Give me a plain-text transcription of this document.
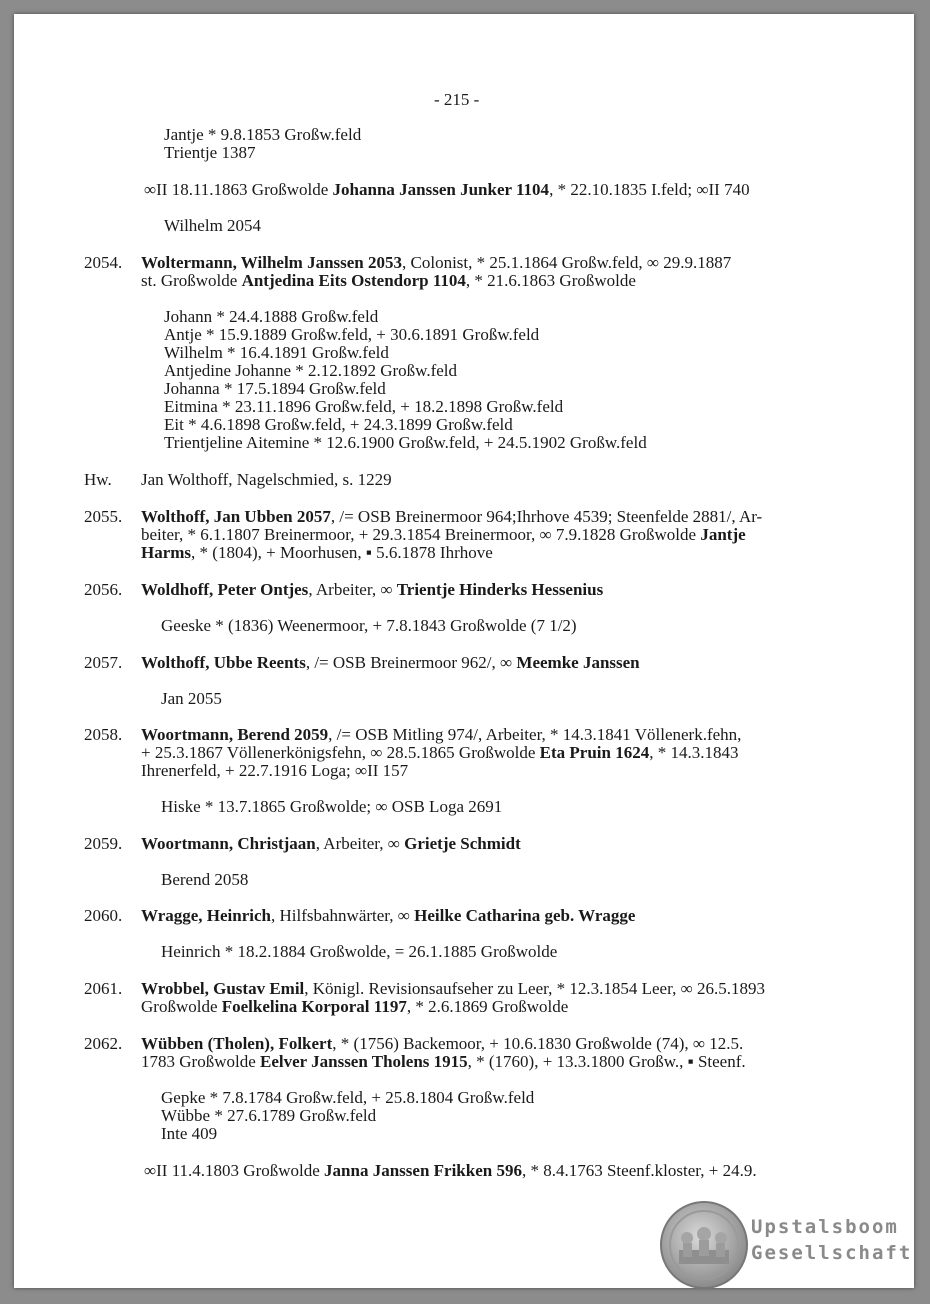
- 215 -
Jantje * 9.8.1853 Großw.feld
Trientje 1387
∞II 18.11.1863 Großwolde Johanna Janssen Junker 1104, * 22.10.1835 I.feld; ∞II 740
Wilhelm 2054
2054. Woltermann, Wilhelm Janssen 2053, Colonist, * 25.1.1864 Großw.feld, ∞ 29.9.1887
st. Großwolde Antjedina Eits Ostendorp 1104, * 21.6.1863 Großwolde
Johann * 24.4.1888 Großw.feld
Antje * 15.9.1889 Großw.feld, + 30.6.1891 Großw.feld
Wilhelm * 16.4.1891 Großw.feld
Antjedine Johanne * 2.12.1892 Großw.feld
Johanna * 17.5.1894 Großw.feld
Eitmina * 23.11.1896 Großw.feld, + 18.2.1898 Großw.feld
Eit * 4.6.1898 Großw.feld, + 24.3.1899 Großw.feld
Trientjeline Aitemine * 12.6.1900 Großw.feld, + 24.5.1902 Großw.feld
Hw. Jan Wolthoff, Nagelschmied, s. 1229
2055. Wolthoff, Jan Ubben 2057, /= OSB Breinermoor 964;Ihrhove 4539; Steenfelde 2881/, Ar-
beiter, * 6.1.1807 Breinermoor, + 29.3.1854 Breinermoor, ∞ 7.9.1828 Großwolde Jantje
Harms, * (1804), + Moorhusen, ▪ 5.6.1878 Ihrhove
2056. Woldhoff, Peter Ontjes, Arbeiter, ∞ Trientje Hinderks Hessenius
Geeske * (1836) Weenermoor, + 7.8.1843 Großwolde (7 1/2)
2057. Wolthoff, Ubbe Reents, /= OSB Breinermoor 962/, ∞ Meemke Janssen
Jan 2055
2058. Woortmann, Berend 2059, /= OSB Mitling 974/, Arbeiter, * 14.3.1841 Völlenerk.fehn,
+ 25.3.1867 Völlenerkönigsfehn, ∞ 28.5.1865 Großwolde Eta Pruin 1624, * 14.3.1843
Ihrenerfeld, + 22.7.1916 Loga; ∞II 157
Hiske * 13.7.1865 Großwolde; ∞ OSB Loga 2691
2059. Woortmann, Christjaan, Arbeiter, ∞ Grietje Schmidt
Berend 2058
2060. Wragge, Heinrich, Hilfsbahnwärter, ∞ Heilke Catharina geb. Wragge
Heinrich * 18.2.1884 Großwolde, = 26.1.1885 Großwolde
2061. Wrobbel, Gustav Emil, Königl. Revisionsaufseher zu Leer, * 12.3.1854 Leer, ∞ 26.5.1893
Großwolde Foelkelina Korporal 1197, * 2.6.1869 Großwolde
2062. Wübben (Tholen), Folkert, * (1756) Backemoor, + 10.6.1830 Großwolde (74), ∞ 12.5.
1783 Großwolde Eelver Janssen Tholens 1915, * (1760), + 13.3.1800 Großw., ▪ Steenf.
Gepke * 7.8.1784 Großw.feld, + 25.8.1804 Großw.feld
Wübbe * 27.6.1789 Großw.feld
Inte 409
∞II 11.4.1803 Großwolde Janna Janssen Frikken 596, * 8.4.1763 Steenf.kloster, + 24.9.
Upstalsboom
Gesellschaft
